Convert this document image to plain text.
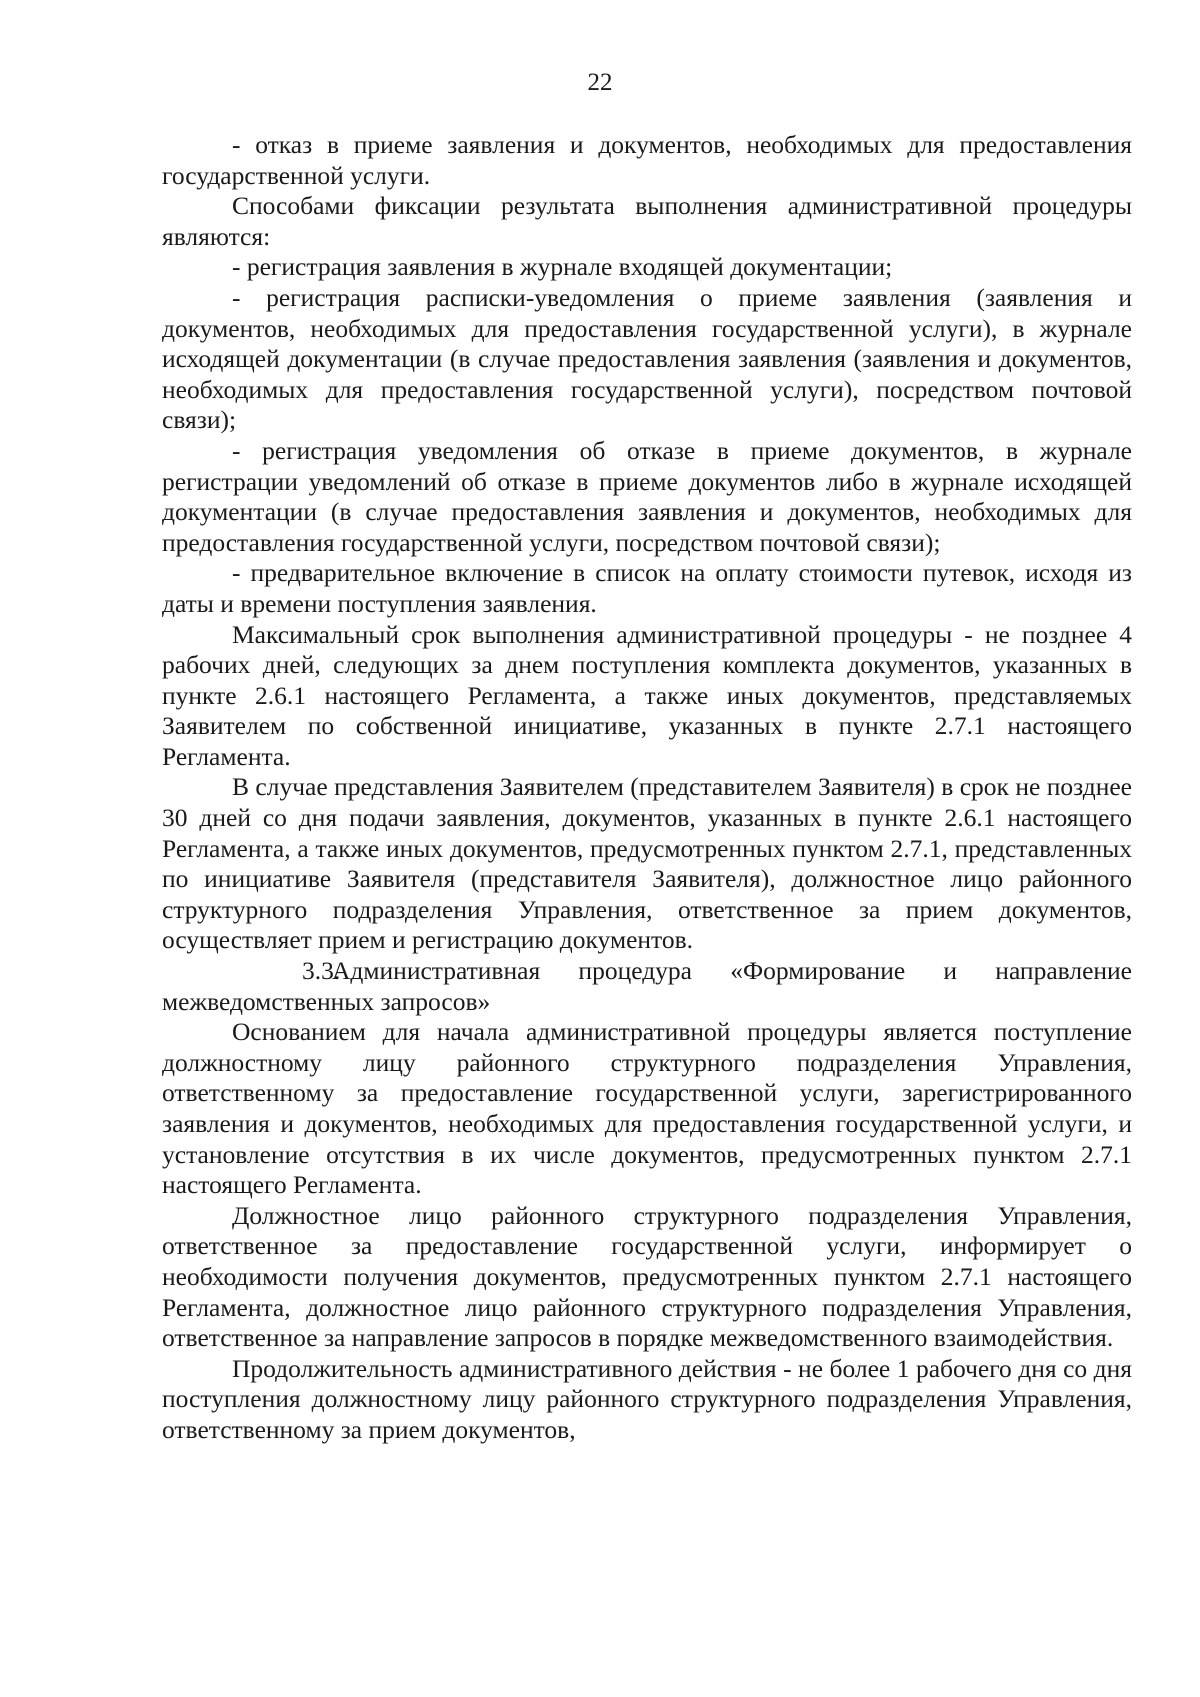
22

- отказ в приеме заявления и документов, необходимых для предоставления государственной услуги.

Способами фиксации результата выполнения административной процедуры являются:

- регистрация заявления в журнале входящей документации;

- регистрация расписки-уведомления о приеме заявления (заявления и документов, необходимых для предоставления государственной услуги), в журнале исходящей документации (в случае предоставления заявления (заявления и документов, необходимых для предоставления государственной услуги), посредством почтовой связи);

- регистрация уведомления об отказе в приеме документов, в журнале регистрации уведомлений об отказе в приеме документов либо в журнале исходящей документации (в случае предоставления заявления и документов, необходимых для предоставления государственной услуги, посредством почтовой связи);

- предварительное включение в список на оплату стоимости путевок, исходя из даты и времени поступления заявления.

Максимальный срок выполнения административной процедуры - не позднее 4 рабочих дней, следующих за днем поступления комплекта документов, указанных в пункте 2.6.1 настоящего Регламента, а также иных документов, представляемых Заявителем по собственной инициативе, указанных в пункте 2.7.1 настоящего Регламента.

В случае представления Заявителем (представителем Заявителя) в срок не позднее 30 дней со дня подачи заявления, документов, указанных в пункте 2.6.1 настоящего Регламента, а также иных документов, предусмотренных пунктом 2.7.1, представленных по инициативе Заявителя (представителя Заявителя), должностное лицо районного структурного подразделения Управления, ответственное за прием документов, осуществляет прием и регистрацию документов.

3.3.Административная процедура «Формирование и направление межведомственных запросов»

Основанием для начала административной процедуры является поступление должностному лицу районного структурного подразделения Управления, ответственному за предоставление государственной услуги, зарегистрированного заявления и документов, необходимых для предоставления государственной услуги, и установление отсутствия в их числе документов, предусмотренных пунктом 2.7.1 настоящего Регламента.

Должностное лицо районного структурного подразделения Управления, ответственное за предоставление государственной услуги, информирует о необходимости получения документов, предусмотренных пунктом 2.7.1 настоящего Регламента, должностное лицо районного структурного подразделения Управления, ответственное за направление запросов в порядке межведомственного взаимодействия.

Продолжительность административного действия - не более 1 рабочего дня со дня поступления должностному лицу районного структурного подразделения Управления, ответственному за прием документов,
